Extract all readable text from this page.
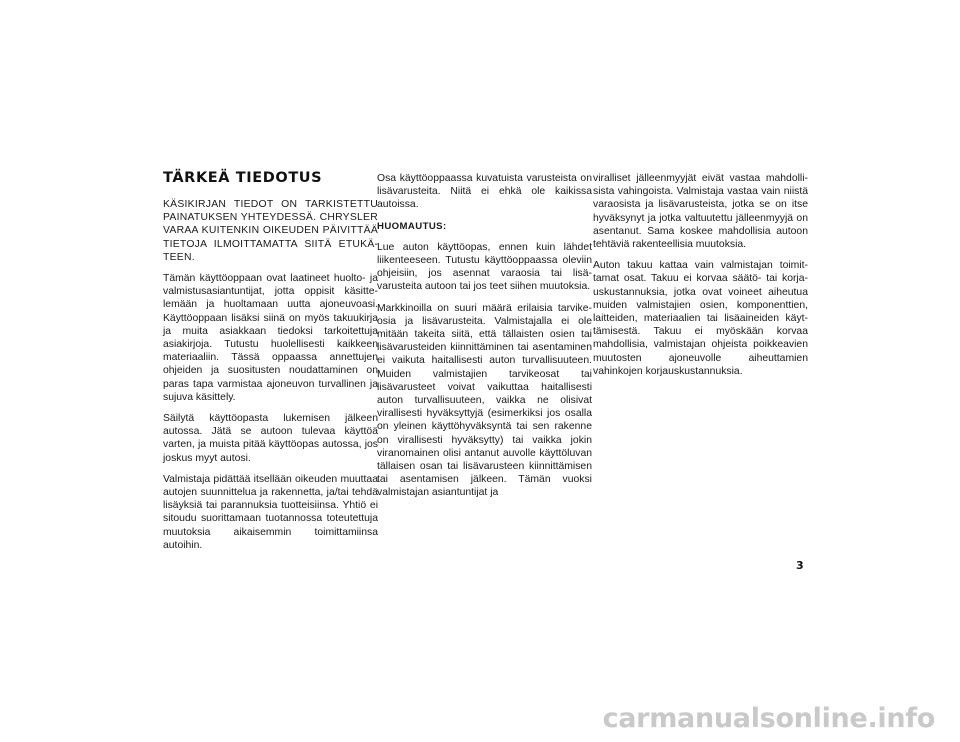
TÄRKEÄ TIEDOTUS

KÄSIKIRJAN TIEDOT ON TARKISTETTU PAINATUKSEN YHTEYDESSÄ. CHRYSLER VARAA KUITENKIN OIKEUDEN PÄIVITTÄÄ TIETOJA ILMOITTAMATTA SIITÄ ETUKÄTEEN.

Tämän käyttöoppaan ovat laatineet huolto- ja valmistusasiantuntijat, jotta oppisit käsittelemään ja huoltamaan uutta ajoneuvoasi. Käyttöoppaan lisäksi siinä on myös takuukirja ja muita asiakkaan tiedoksi tarkoitettuja asiakirjoja. Tutustu huolellisesti kaikkeen materiaaliin. Tässä oppaassa annettujen ohjeiden ja suositusten noudattaminen on paras tapa varmistaa ajoneuvon turvallinen ja sujuva käsittely.

Säilytä käyttöopasta lukemisen jälkeen autossa. Jätä se autoon tulevaa käyttöä varten, ja muista pitää käyttöopas autossa, jos joskus myyt autosi.

Valmistaja pidättää itsellään oikeuden muuttaa autojen suunnittelua ja rakennetta, ja/tai tehdä lisäyksiä tai parannuksia tuotteisiinsa. Yhtiö ei sitoudu suorittamaan tuotannossa toteutettuja muutoksia aikaisemmin toimittamiinsa autoihin.

Osa käyttöoppaassa kuvatuista varusteista on lisävarusteita. Niitä ei ehkä ole kaikissa autoissa.

HUOMAUTUS:

Lue auton käyttöopas, ennen kuin lähdet liikenteeseen. Tutustu käyttöoppaassa oleviin ohjeisiin, jos asennat varaosia tai lisävarusteita autoon tai jos teet siihen muutoksia.

Markkinoilla on suuri määrä erilaisia tarvikeosia ja lisävarusteita. Valmistajalla ei ole mitään takeita siitä, että tällaisten osien tai lisävarusteiden kiinnittäminen tai asentaminen ei vaikuta haitallisesti auton turvallisuuteen. Muiden valmistajien tarvikeosat tai lisävarusteet voivat vaikuttaa haitallisesti auton turvallisuuteen, vaikka ne olisivat virallisesti hyväksyttyjä (esimerkiksi jos osalla on yleinen käyttöhyväksyntä tai sen rakenne on virallisesti hyväksytty) tai vaikka jokin viranomainen olisi antanut auvolle käyttöluvan tällaisen osan tai lisävarusteen kiinnittämisen tai asentamisen jälkeen. Tämän vuoksi valmistajan asiantuntijat ja

viralliset jälleenmyyjät eivät vastaa mahdollisista vahingoista. Valmistaja vastaa vain niistä varaosista ja lisävarusteista, jotka se on itse hyväksynyt ja jotka valtuutettu jälleenmyyjä on asentanut. Sama koskee mahdollisia autoon tehtäviä rakenteellisia muutoksia.

Auton takuu kattaa vain valmistajan toimittamat osat. Takuu ei korvaa säätö- tai korjauskustannuksia, jotka ovat voineet aiheutua muiden valmistajien osien, komponenttien, laitteiden, materiaalien tai lisäaineiden käyttämisestä. Takuu ei myöskään korvaa mahdollisia, valmistajan ohjeista poikkeavien muutosten ajoneuvolle aiheuttamien vahinkojen korjauskustannuksia.

3
carmanualsonline.info
